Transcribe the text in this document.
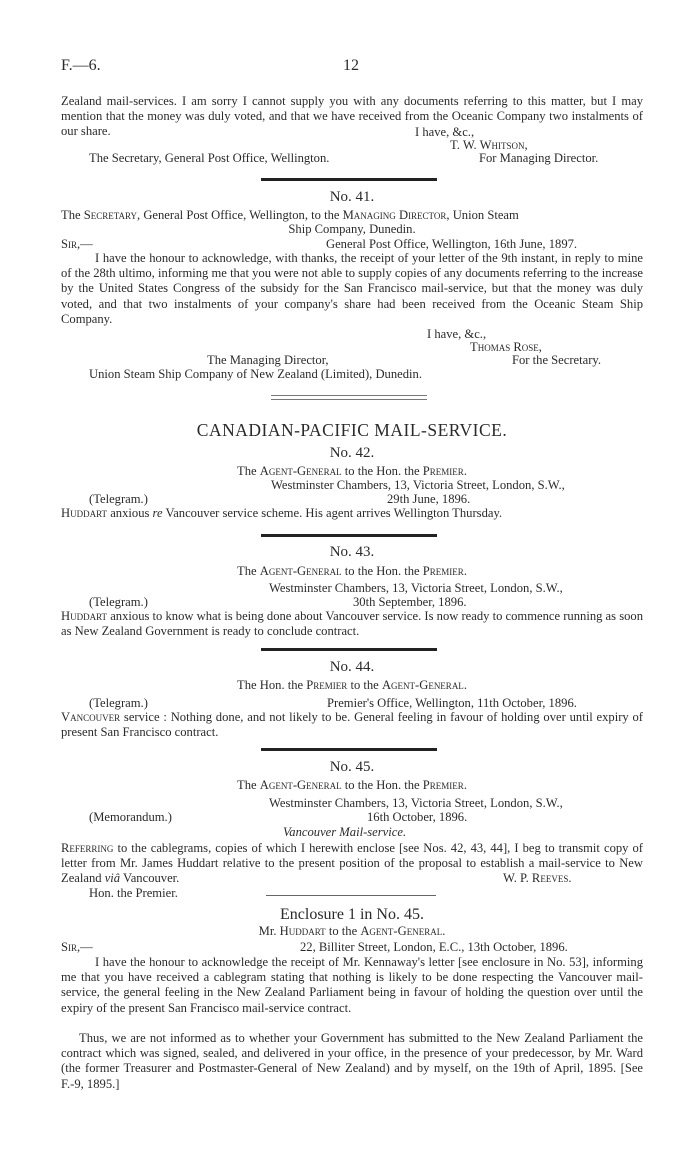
F.—6.	12
Zealand mail-services. I am sorry I cannot supply you with any documents referring to this matter, but I may mention that the money was duly voted, and that we have received from the Oceanic Company two instalments of our share.	I have, &c.,
T. W. Whitson,
The Secretary, General Post Office, Wellington.	For Managing Director.
No. 41.
The Secretary, General Post Office, Wellington, to the Managing Director, Union Steam
Ship Company, Dunedin.
Sir,—	General Post Office, Wellington, 16th June, 1897.
I have the honour to acknowledge, with thanks, the receipt of your letter of the 9th instant, in reply to mine of the 28th ultimo, informing me that you were not able to supply copies of any documents referring to the increase by the United States Congress of the subsidy for the San Francisco mail-service, but that the money was duly voted, and that two instalments of your company's share had been received from the Oceanic Steam Ship Company.
I have, &c.,
Thomas Rose,
The Managing Director,	For the Secretary.
Union Steam Ship Company of New Zealand (Limited), Dunedin.
CANADIAN-PACIFIC MAIL-SERVICE.
No. 42.
The Agent-General to the Hon. the Premier.
Westminster Chambers, 13, Victoria Street, London, S.W.,
(Telegram.)	29th June, 1896.
Huddart anxious re Vancouver service scheme. His agent arrives Wellington Thursday.
No. 43.
The Agent-General to the Hon. the Premier.
Westminster Chambers, 13, Victoria Street, London, S.W.,
(Telegram.)	30th September, 1896.
Huddart anxious to know what is being done about Vancouver service. Is now ready to commence running as soon as New Zealand Government is ready to conclude contract.
No. 44.
The Hon. the Premier to the Agent-General.
(Telegram.)	Premier's Office, Wellington, 11th October, 1896.
Vancouver service : Nothing done, and not likely to be. General feeling in favour of holding over until expiry of present San Francisco contract.
No. 45.
The Agent-General to the Hon. the Premier.
Westminster Chambers, 13, Victoria Street, London, S.W.,
(Memorandum.)	16th October, 1896.
Vancouver Mail-service.
Referring to the cablegrams, copies of which I herewith enclose [see Nos. 42, 43, 44], I beg to transmit copy of letter from Mr. James Huddart relative to the present position of the proposal to establish a mail-service to New Zealand viâ Vancouver.	W. P. Reeves.
Hon. the Premier.
Enclosure 1 in No. 45.
Mr. Huddart to the Agent-General.
Sir,—	22, Billiter Street, London, E.C., 13th October, 1896.
I have the honour to acknowledge the receipt of Mr. Kennaway's letter [see enclosure in No. 53], informing me that you have received a cablegram stating that nothing is likely to be done respecting the Vancouver mail-service, the general feeling in the New Zealand Parliament being in favour of holding the question over until the expiry of the present San Francisco mail-service contract.
Thus, we are not informed as to whether your Government has submitted to the New Zealand Parliament the contract which was signed, sealed, and delivered in your office, in the presence of your predecessor, by Mr. Ward (the former Treasurer and Postmaster-General of New Zealand) and by myself, on the 19th of April, 1895. [See F.-9, 1895.]
